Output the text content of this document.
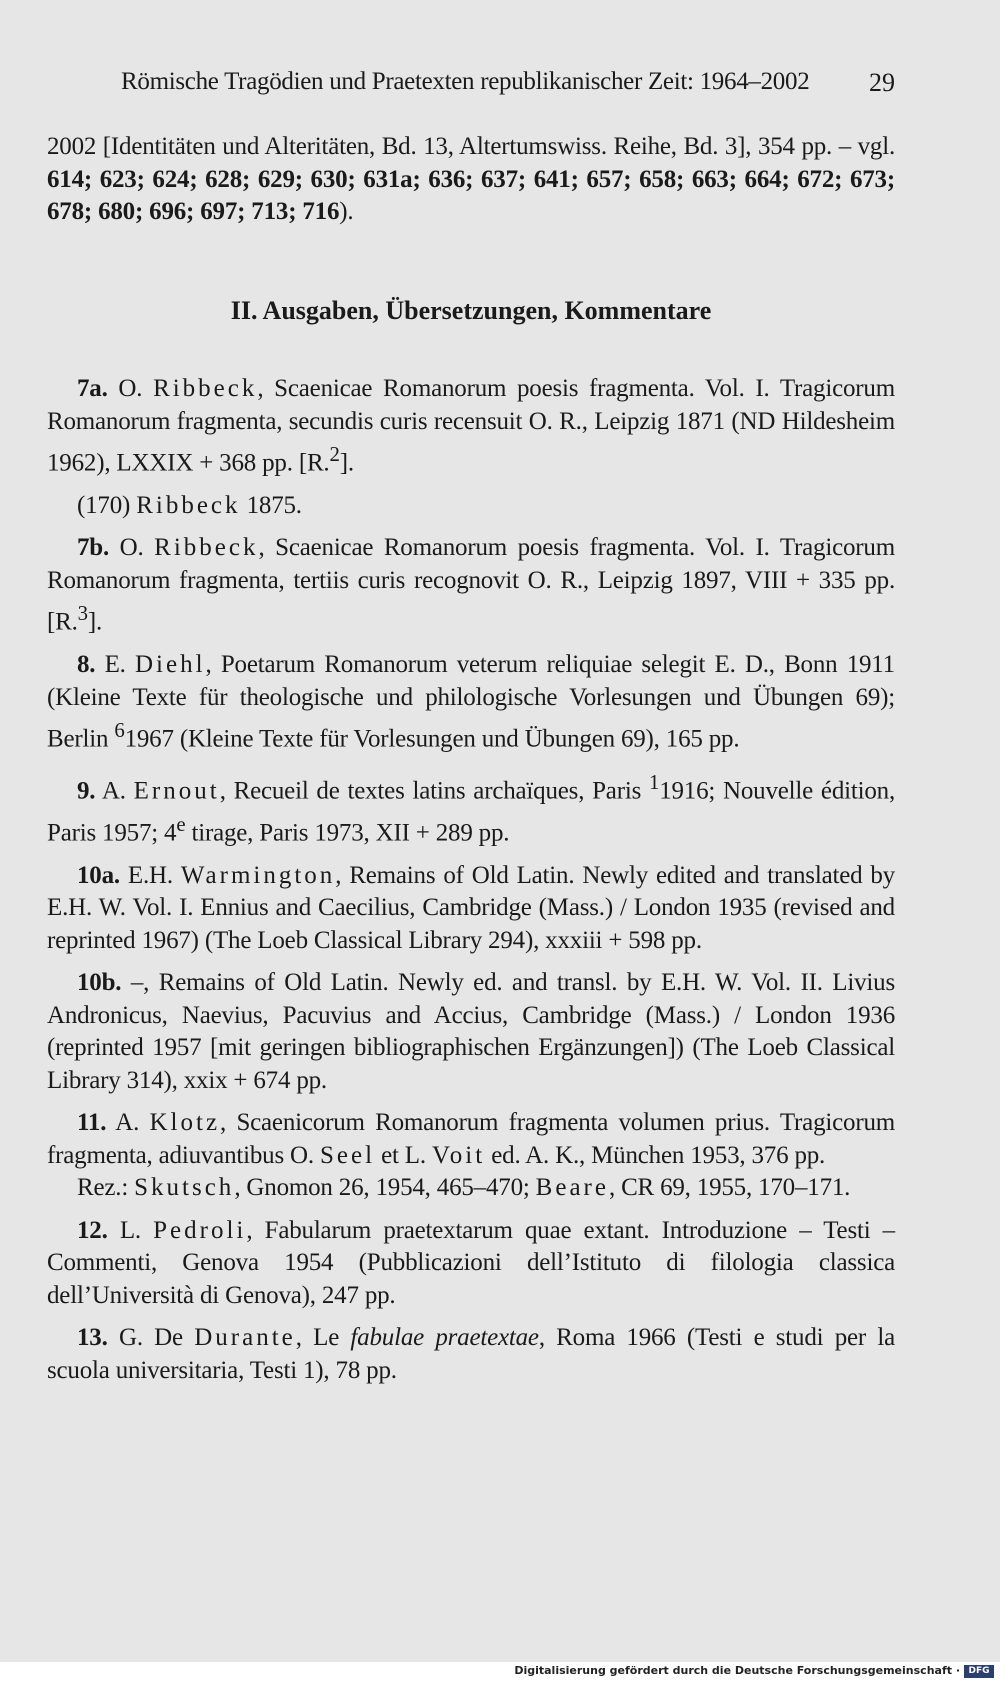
Römische Tragödien und Praetexten republikanischer Zeit: 1964–2002 29

2002 [Identitäten und Alteritäten, Bd. 13, Altertumswiss. Reihe, Bd. 3], 354 pp. – vgl. 614; 623; 624; 628; 629; 630; 631a; 636; 637; 641; 657; 658; 663; 664; 672; 673; 678; 680; 696; 697; 713; 716).

II. Ausgaben, Übersetzungen, Kommentare

7a. O. Ribbeck, Scaenicae Romanorum poesis fragmenta. Vol. I. Tragicorum Romanorum fragmenta, secundis curis recensuit O. R., Leipzig 1871 (ND Hildesheim 1962), LXXIX + 368 pp. [R.$^2$].

(170) Ribbeck 1875.

7b. O. Ribbeck, Scaenicae Romanorum poesis fragmenta. Vol. I. Tragicorum Romanorum fragmenta, tertiis curis recognovit O. R., Leipzig 1897, VIII + 335 pp. [R.$^3$].

8. E. Diehl, Poetarum Romanorum veterum reliquiae selegit E. D., Bonn 1911 (Kleine Texte für theologische und philologische Vorlesungen und Übungen 69); Berlin $^6$1967 (Kleine Texte für Vorlesungen und Übungen 69), 165 pp.

9. A. Ernout, Recueil de textes latins archaïques, Paris $^1$1916; Nouvelle édition, Paris 1957; 4e tirage, Paris 1973, XII + 289 pp.

10a. E.H. Warmington, Remains of Old Latin. Newly edited and translated by E.H. W. Vol. I. Ennius and Caecilius, Cambridge (Mass.) / London 1935 (revised and reprinted 1967) (The Loeb Classical Library 294), xxxiii + 598 pp.

10b. –, Remains of Old Latin. Newly ed. and transl. by E.H. W. Vol. II. Livius Andronicus, Naevius, Pacuvius and Accius, Cambridge (Mass.) / London 1936 (reprinted 1957 [mit geringen bibliographischen Ergänzungen]) (The Loeb Classical Library 314), xxix + 674 pp.

11. A. Klotz, Scaenicorum Romanorum fragmenta volumen prius. Tragicorum fragmenta, adiuvantibus O. Seel et L. Voit ed. A. K., München 1953, 376 pp.

Rez.: Skutsch, Gnomon 26, 1954, 465–470; Beare, CR 69, 1955, 170–171.

12. L. Pedroli, Fabularum praetextarum quae extant. Introduzione – Testi – Commenti, Genova 1954 (Pubblicazioni dell’Istituto di filologia classica dell’Università di Genova), 247 pp.

13. G. De Durante, Le fabulae praetextae, Roma 1966 (Testi e studi per la scuola universitaria, Testi 1), 78 pp.

Digitalisierung gefördert durch die Deutsche Forschungsgemeinschaft · DFG
